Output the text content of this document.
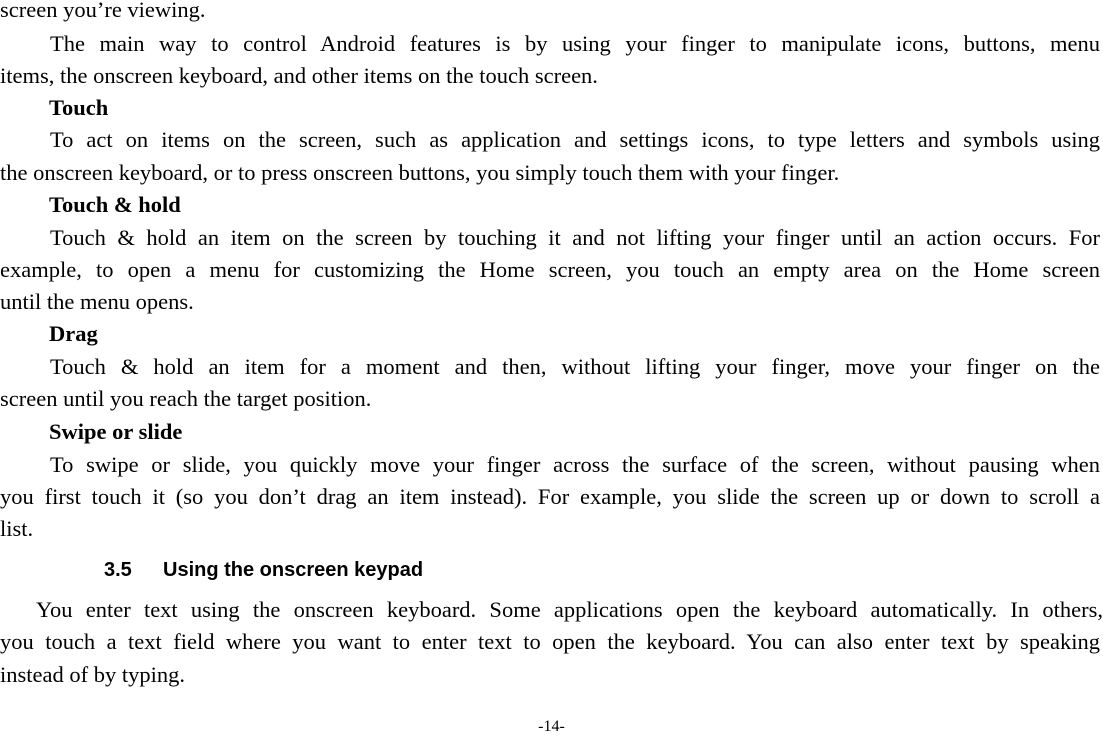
screen you’re viewing.
The main way to control Android features is by using your finger to manipulate icons, buttons, menu
items, the onscreen keyboard, and other items on the touch screen.
Touch
To act on items on the screen, such as application and settings icons, to type letters and symbols using
the onscreen keyboard, or to press onscreen buttons, you simply touch them with your finger.
Touch & hold
Touch & hold an item on the screen by touching it and not lifting your finger until an action occurs. For
example, to open a menu for customizing the Home screen, you touch an empty area on the Home screen
until the menu opens.
Drag
Touch & hold an item for a moment and then, without lifting your finger, move your finger on the
screen until you reach the target position.
Swipe or slide
To swipe or slide, you quickly move your finger across the surface of the screen, without pausing when
you first touch it (so you don’t drag an item instead). For example, you slide the screen up or down to scroll a
list.
3.5 Using the onscreen keypad
You enter text using the onscreen keyboard. Some applications open the keyboard automatically. In others,
you touch a text field where you want to enter text to open the keyboard. You can also enter text by speaking
instead of by typing.
-14-
